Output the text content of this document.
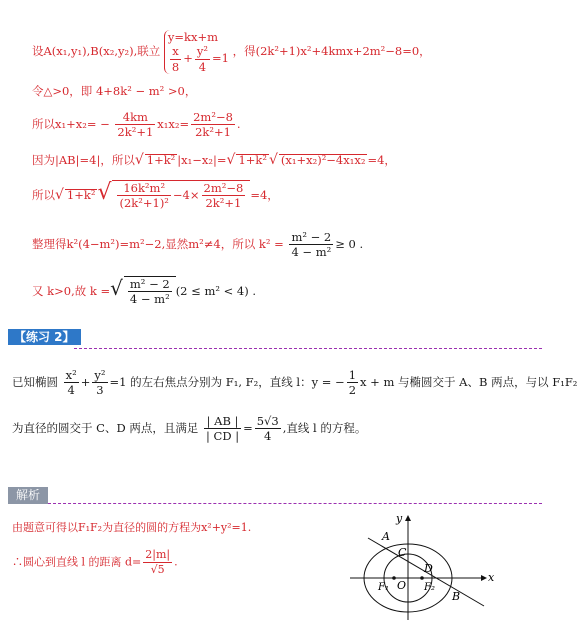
设A(x₁,y₁),B(x₂,y₂),联立
y=kx+m
$\frac{x}{8} + \frac{\text{y²}}{4} =1$
，得(2k²+1)x²+4kmx+2m²−8=0，
令△>0，即 4+8k² − m² >0，
所以$x_1+x_2= - \frac{4km}{\text{2k²+1}} x_1x_2= \frac{\text{2m²−8}}{\text{2k²+1}}$ .
因为|AB|=4|，所以√ 1+k² |x₁−x₂|=√ 1+k² √ (x₁+x₂)²−4x₁x₂ =4，
所以√ $1+k^2√ \frac{\text{16k²m²}}{\text{(2k²+1)²}} -4\times \frac{\text{2m²−8}}{\text{2k²+1}} =4$，
整理得k²(4−m²)=m²−2,显然m²≠4，所以 $k^2 = \frac{\text{m² − 2}}{\text{4 − m²}} \ge 0$ .
又 k>0,故 k =√ $\frac{\text{m² − 2}}{\text{4 − m²}} (2 \le m^2 < 4)$ .
【练习 2】
已知椭圆 $\frac{\text{x²}}{4} + \frac{\text{y²}}{3} =1$ 的左右焦点分别为 F₁, F₂，直线 l：y = − $\frac{1}{2}$ x + m 与椭圆交于 A、B 两点，与以 F₁F₂
为直径的圆交于 C、D 两点，且满足 $\frac{| AB |}{| CD |} = \frac{5√3}{4}$ ,直线 l 的方程。
解析
由题意可得以F₁F₂为直径的圆的方程为x²+y²=1.
∴圆心到直线 l 的距离 $d= \frac{2|m|}{√5}$ .
A
C
D
B
O
F₁	F₂
x
y
